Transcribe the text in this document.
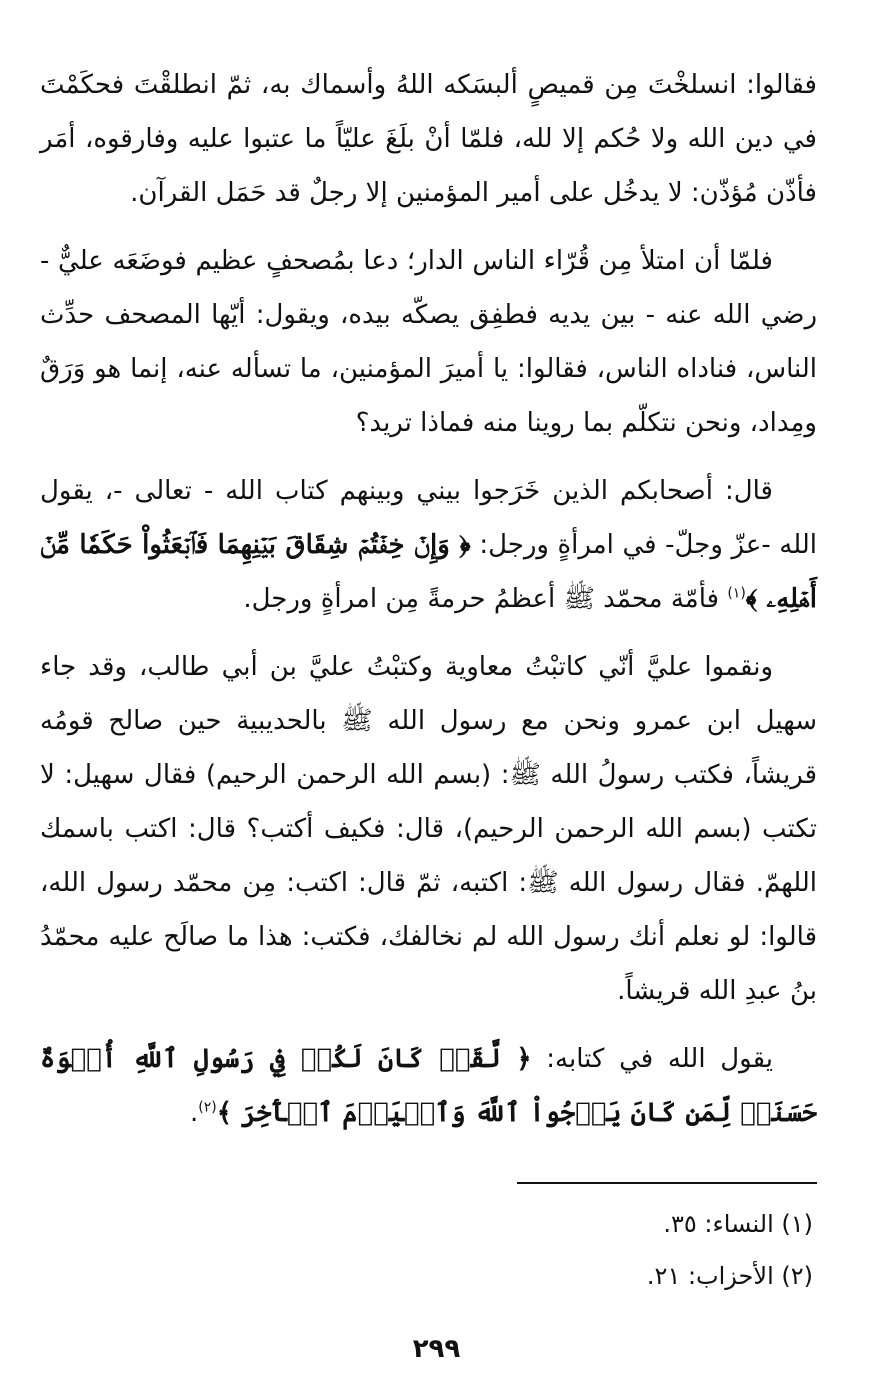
فقالوا: انسلخْتَ مِن قميصٍ ألبسَكه اللهُ وأسماك به، ثمّ انطلقْتَ فحكَمْتَ في دين الله ولا حُكم إلا لله، فلمّا أنْ بلَغَ عليّاً ما عتبوا عليه وفارقوه، أمَر فأذّن مُؤذّن: لا يدخُل على أمير المؤمنين إلا رجلٌ قد حَمَل القرآن.

فلمّا أن امتلأ مِن قُرّاء الناس الدار؛ دعا بمُصحفٍ عظيم فوضَعَه عليٌّ - رضي الله عنه - بين يديه فطفِق يصكّه بيده، ويقول: أيّها المصحف حدِّث الناس، فناداه الناس، فقالوا: يا أميرَ المؤمنين، ما تسأله عنه، إنما هو وَرَقٌ ومِداد، ونحن نتكلّم بما روينا منه فماذا تريد؟

قال: أصحابكم الذين خَرَجوا بيني وبينهم كتاب الله - تعالى -، يقول الله -عزّ وجلّ- في امرأةٍ ورجل: ﴿ وَإِنۡ خِفۡتُمۡ شِقَاقَ بَيۡنِهِمَا فَٱبۡعَثُواْ حَكَمٗا مِّنۡ أَهۡلِهِۦ ﴾$^{(١)}$ فأمّة محمّد ﷺ أعظمُ حرمةً مِن امرأةٍ ورجل.

ونقموا عليَّ أنّي كاتبْتُ معاوية وكتبْتُ عليَّ بن أبي طالب، وقد جاء سهيل ابن عمرو ونحن مع رسول الله ﷺ بالحديبية حين صالح قومُه قريشاً، فكتب رسولُ الله ﷺ: (بسم الله الرحمن الرحيم) فقال سهيل: لا تكتب (بسم الله الرحمن الرحيم)، قال: فكيف أكتب؟ قال: اكتب باسمك اللهمّ. فقال رسول الله ﷺ: اكتبه، ثمّ قال: اكتب: مِن محمّد رسول الله، قالوا: لو نعلم أنك رسول الله لم نخالفك، فكتب: هذا ما صالَح عليه محمّدُ بنُ عبدِ الله قريشاً.

يقول الله في كتابه: ﴿ لَّقَدۡ كَانَ لَكُمۡ فِي رَسُولِ ٱللَّهِ أُسۡوَةٌ حَسَنَةٞ لِّمَن كَانَ يَرۡجُواْ ٱللَّهَ وَٱلۡيَوۡمَ ٱلۡأٓخِرَ ﴾$^{(٢)}$.

(١) النساء: ٣٥.

(٢) الأحزاب: ٢١.

٢٩٩
